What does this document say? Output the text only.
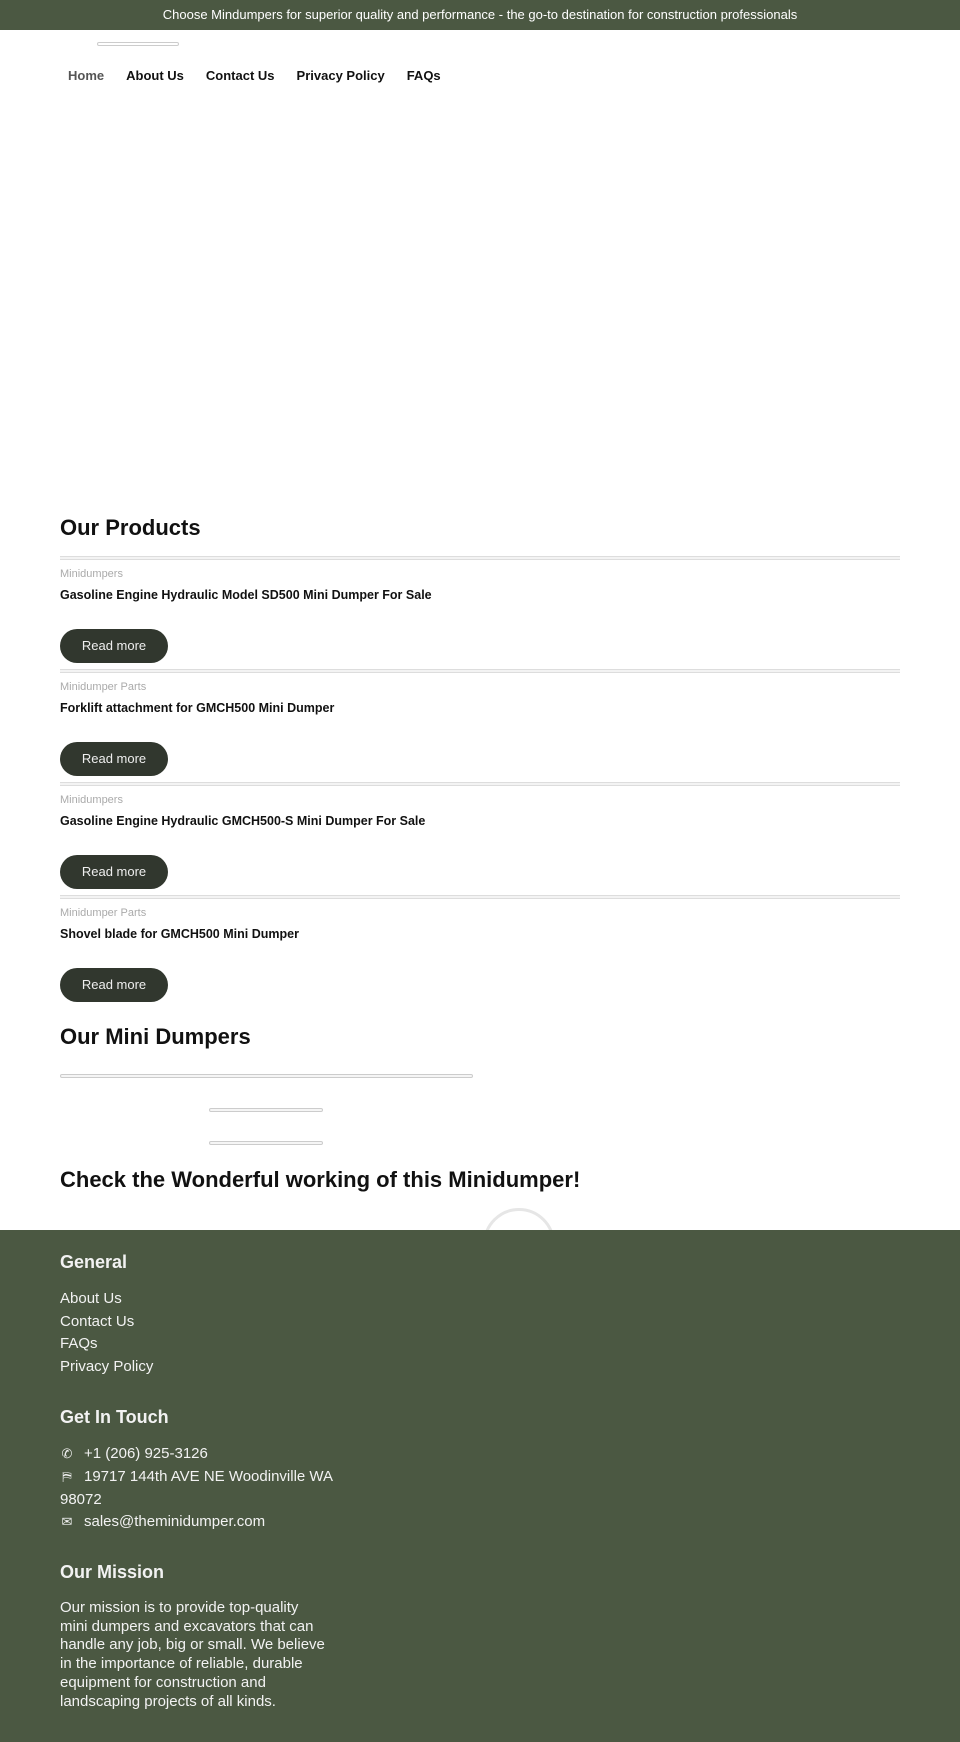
Choose Mindumpers for superior quality and performance - the go-to destination for construction professionals
Home About Us Contact Us Privacy Policy FAQs
Our Products
Minidumpers
Gasoline Engine Hydraulic Model SD500 Mini Dumper For Sale
Read more
Minidumper Parts
Forklift attachment for GMCH500 Mini Dumper
Read more
Minidumpers
Gasoline Engine Hydraulic GMCH500-S Mini Dumper For Sale
Read more
Minidumper Parts
Shovel blade for GMCH500 Mini Dumper
Read more
Our Mini Dumpers
Check the Wonderful working of this Minidumper!
General
About Us
Contact Us
FAQs
Privacy Policy
Get In Touch
✆ +1 (206) 925-3126
⛿ 19717 144th AVE NE Woodinville WA
98072
✉ sales@theminidumper.com
Our Mission

Our mission is to provide top-quality mini dumpers and excavators that can handle any job, big or small. We believe in the importance of reliable, durable equipment for construction and landscaping projects of all kinds.
